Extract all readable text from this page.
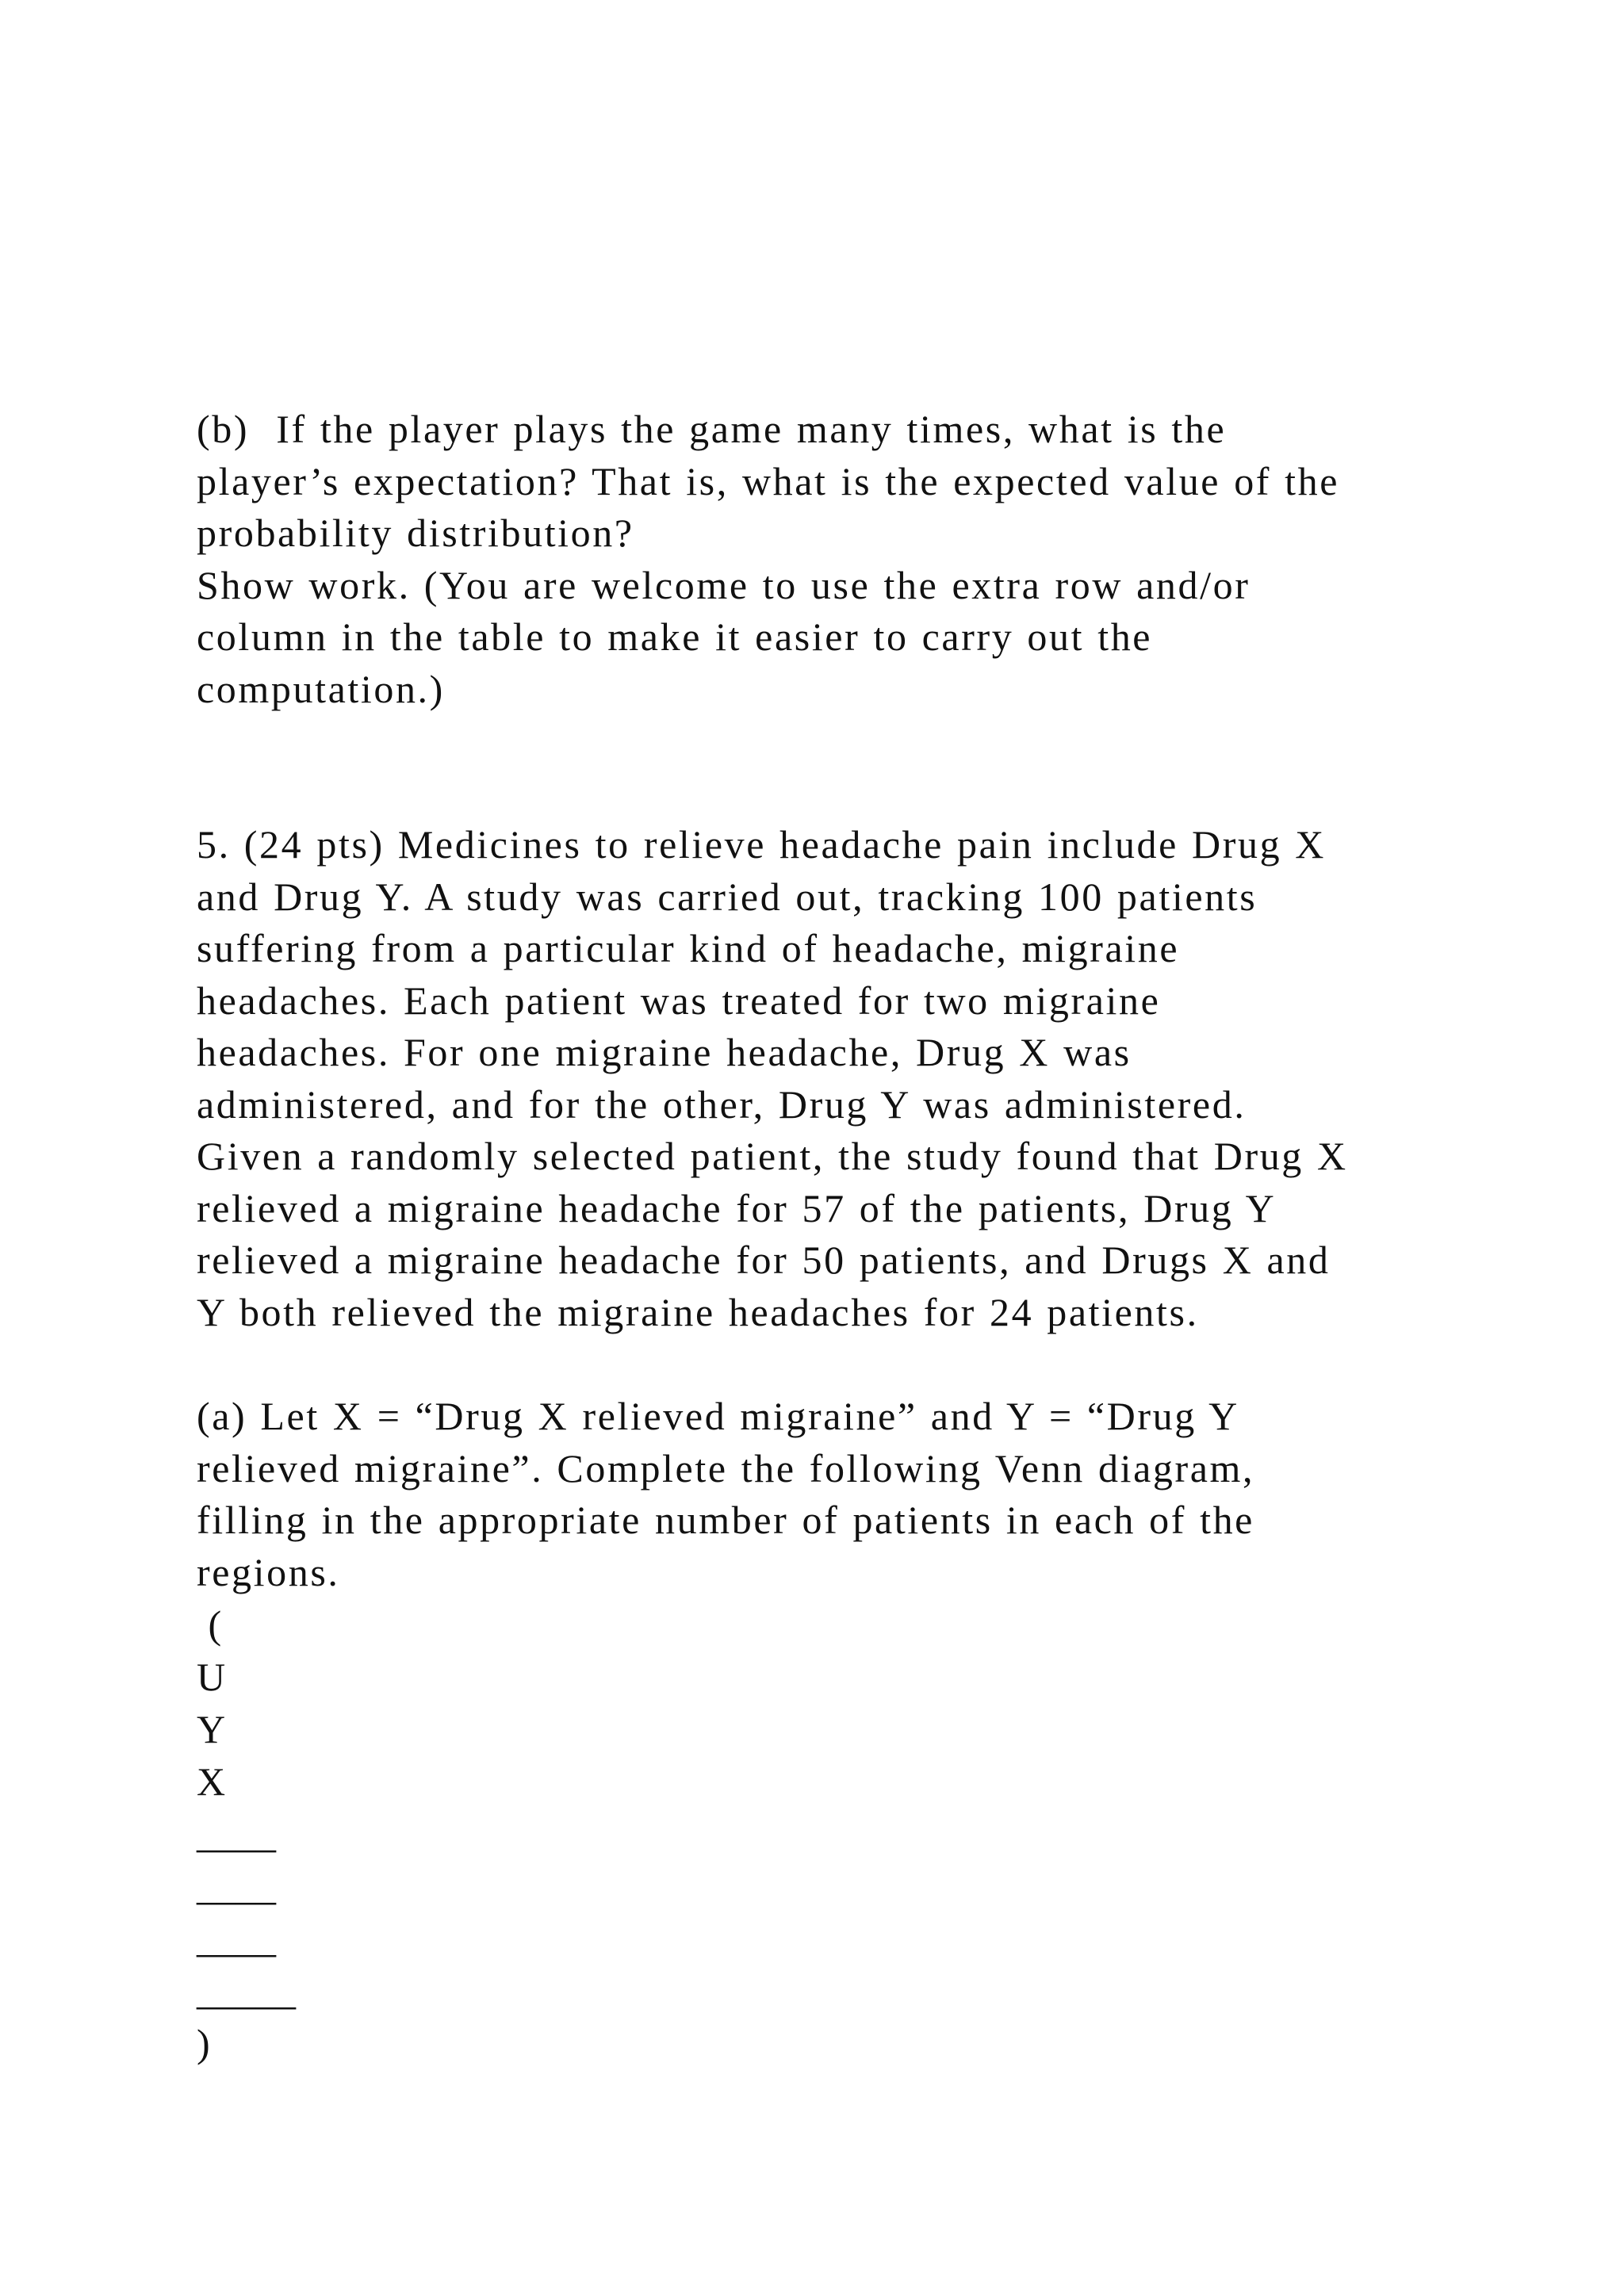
(b)  If the player plays the game many times, what is the
player’s expectation? That is, what is the expected value of the
probability distribution?
Show work. (You are welcome to use the extra row and/or
column in the table to make it easier to carry out the
computation.)
5. (24 pts) Medicines to relieve headache pain include Drug X
and Drug Y. A study was carried out, tracking 100 patients
suffering from a particular kind of headache, migraine
headaches. Each patient was treated for two migraine
headaches. For one migraine headache, Drug X was
administered, and for the other, Drug Y was administered.
Given a randomly selected patient, the study found that Drug X
relieved a migraine headache for 57 of the patients, Drug Y
relieved a migraine headache for 50 patients, and Drugs X and
Y both relieved the migraine headaches for 24 patients.
(a) Let X = “Drug X relieved migraine” and Y = “Drug Y
relieved migraine”. Complete the following Venn diagram,
filling in the appropriate number of patients in each of the
regions.
(
U
Y
X
____
____
____
_____
)
